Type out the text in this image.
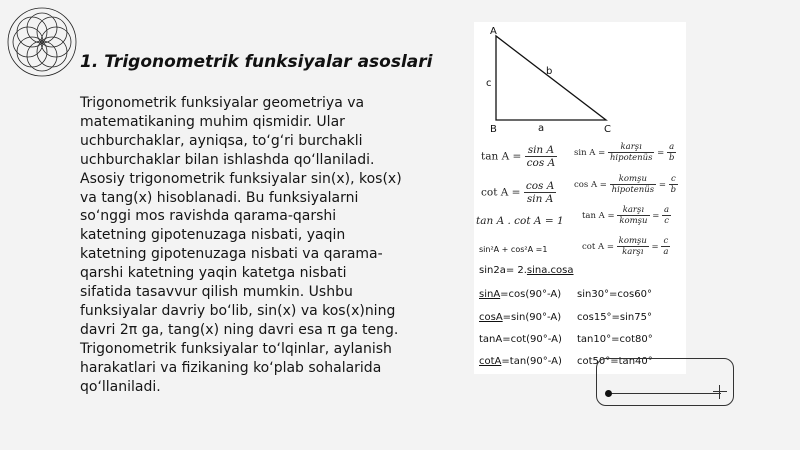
1. Trigonometrik funksiyalar asoslari
Trigonometrik funksiyalar geometriya va
matematikaning muhim qismidir. Ular
uchburchaklar, ayniqsa, to‘g‘ri burchakli
uchburchaklar bilan ishlashda qo‘llaniladi.
Asosiy trigonometrik funksiyalar sin(x), kos(x)
va tang(x) hisoblanadi. Bu funksiyalarni
so‘nggi mos ravishda qarama-qarshi
katetning gipotenuzaga nisbati, yaqin
katetning gipotenuzaga nisbati va qarama-
qarshi katetning yaqin katetga nisbati
sifatida tasavvur qilish mumkin. Ushbu
funksiyalar davriy bo‘lib, sin(x) va kos(x)ning
davri 2π ga, tang(x) ning davri esa π ga teng.
Trigonometrik funksiyalar to‘lqinlar, aylanish
harakatlari va fizikaning ko‘plab sohalarida
qo‘llaniladi.
A
B	C
a
b
c
$\tan A = \frac{\text{sin A}}{\text{cos A}}$
$\cot A = \frac{\text{cos A}}{\text{sin A}}$
tan A . cot A = 1
sin²A + cos²A =1
$\sin A = \frac{\text{karşı}}{\text{hipotenüs}} = \frac{a}{b}$
$\cos A = \frac{\text{komşu}}{\text{hipotenüs}} = \frac{c}{b}$
$\tan A = \frac{\text{karşı}}{\text{komşu}} = \frac{a}{c}$
$\cot A = \frac{\text{komşu}}{\text{karşı}} = \frac{c}{a}$
sin2a= 2.sina.cosa
sinA=cos(90°-A) sin30°=cos60°
cosA=sin(90°-A) cos15°=sin75°
tanA=cot(90°-A) tan10°=cot80°
cotA=tan(90°-A) cot50°=tan40°
